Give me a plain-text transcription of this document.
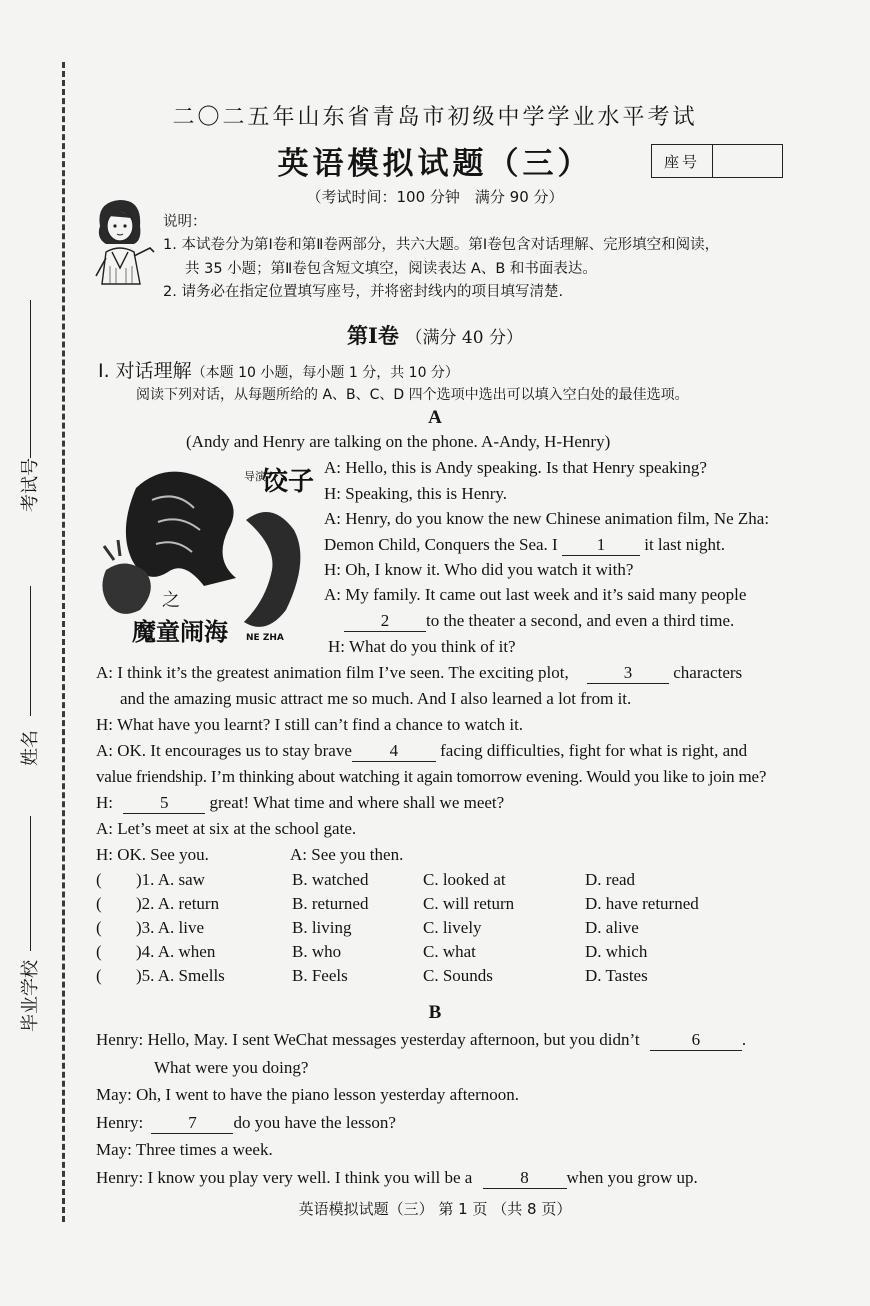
考试号
姓名
毕业学校
二〇二五年山东省青岛市初级中学学业水平考试
英语模拟试题（三）	座号
（考试时间：100 分钟　满分 90 分）
说明：
1. 本试卷分为第Ⅰ卷和第Ⅱ卷两部分，共六大题。第Ⅰ卷包含对话理解、完形填空和阅读，
共 35 小题；第Ⅱ卷包含短文填空，阅读表达 A、B 和书面表达。
2. 请务必在指定位置填写座号，并将密封线内的项目填写清楚.
第Ⅰ卷 （满分 40 分）
Ⅰ. 对话理解（本题 10 小题，每小题 1 分，共 10 分）
阅读下列对话，从每题所给的 A、B、C、D 四个选项中选出可以填入空白处的最佳选项。
A
(Andy and Henry are talking on the phone. A-Andy, H-Henry)
之
导演
饺子
魔童闹海 NE ZHA
A: Hello, this is Andy speaking. Is that Henry speaking?
H: Speaking, this is Henry.
A: Henry, do you know the new Chinese animation film, Ne Zha:
Demon Child, Conquers the Sea. I 1 it last night.
H: Oh, I know it. Who did you watch it with?
A: My family. It came out last week and it’s said many people
2 to the theater a second, and even a third time.
H: What do you think of it?
A: I think it’s the greatest animation film I’ve seen. The exciting plot,	3 characters
and the amazing music attract me so much. And I also learned a lot from it.
H: What have you learnt? I still can’t find a chance to watch it.
A: OK. It encourages us to stay brave 4 facing difficulties, fight for what is right, and
value friendship. I’m thinking about watching it again tomorrow evening. Would you like to join me?
H:	5 great! What time and where shall we meet?
A: Let’s meet at six at the school gate.
H: OK. See you.	A: See you then.
( )1. A. saw	B. watched	C. looked at	D. read
( )2. A. return	B. returned	C. will return	D. have returned
( )3. A. live	B. living	C. lively	D. alive
( )4. A. when	B. who	C. what	D. which
( )5. A. Smells	B. Feels	C. Sounds	D. Tastes
B
Henry: Hello, May. I sent WeChat messages yesterday afternoon, but you didn’t	6 .
What were you doing?
May: Oh, I went to have the piano lesson yesterday afternoon.
Henry:	7 do you have the lesson?
May: Three times a week.
Henry: I know you play very well. I think you will be a	8 when you grow up.
英语模拟试题（三） 第 1 页 （共 8 页）
